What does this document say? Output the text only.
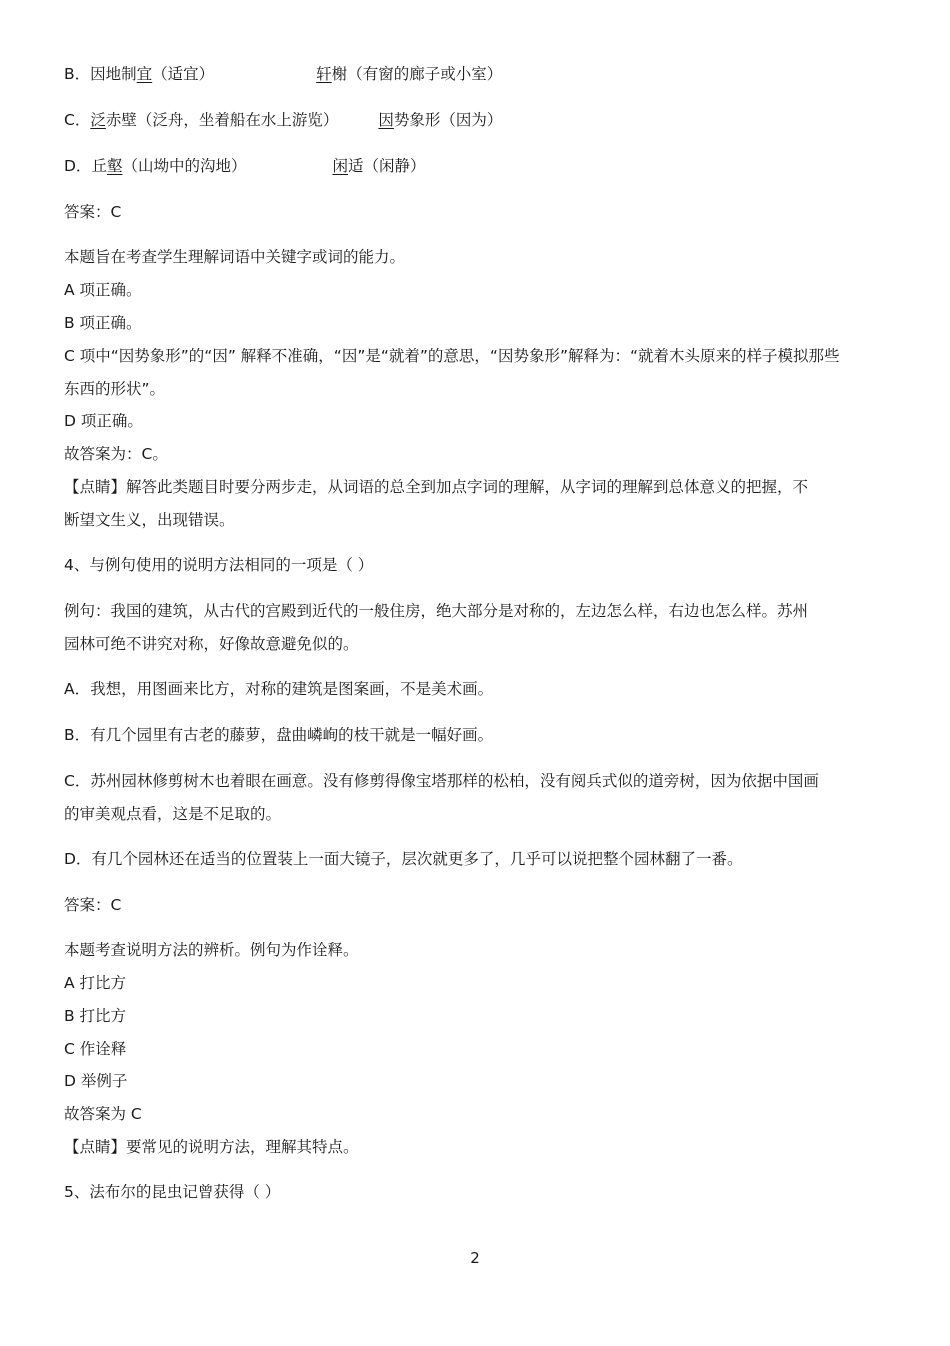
B．因地制宜（适宜）	轩榭（有窗的廊子或小室）
C．泛赤壁（泛舟，坐着船在水上游览）	因势象形（因为）
D．丘壑（山坳中的沟地）	闲适（闲静）
答案：C
本题旨在考查学生理解词语中关键字或词的能力。
A 项正确。
B 项正确。
C 项中“因势象形”的“因” 解释不准确，“因”是“就着”的意思，“因势象形”解释为：“就着木头原来的样子模拟那些
东西的形状”。
D 项正确。
故答案为：C。
【点睛】解答此类题目时要分两步走，从词语的总全到加点字词的理解，从字词的理解到总体意义的把握，不
断望文生义，出现错误。
4、与例句使用的说明方法相同的一项是（ ）
例句：我国的建筑，从古代的宫殿到近代的一般住房，绝大部分是对称的，左边怎么样，右边也怎么样。苏州
园林可绝不讲究对称，好像故意避免似的。
A．我想，用图画来比方，对称的建筑是图案画，不是美术画。
B．有几个园里有古老的藤萝，盘曲嶙峋的枝干就是一幅好画。
C．苏州园林修剪树木也着眼在画意。没有修剪得像宝塔那样的松柏，没有阅兵式似的道旁树，因为依据中国画
的审美观点看，这是不足取的。
D．有几个园林还在适当的位置装上一面大镜子，层次就更多了，几乎可以说把整个园林翻了一番。
答案：C
本题考查说明方法的辨析。例句为作诠释。
A 打比方
B 打比方
C 作诠释
D 举例子
故答案为 C
【点睛】要常见的说明方法，理解其特点。
5、法布尔的昆虫记曾获得（ ）
2
